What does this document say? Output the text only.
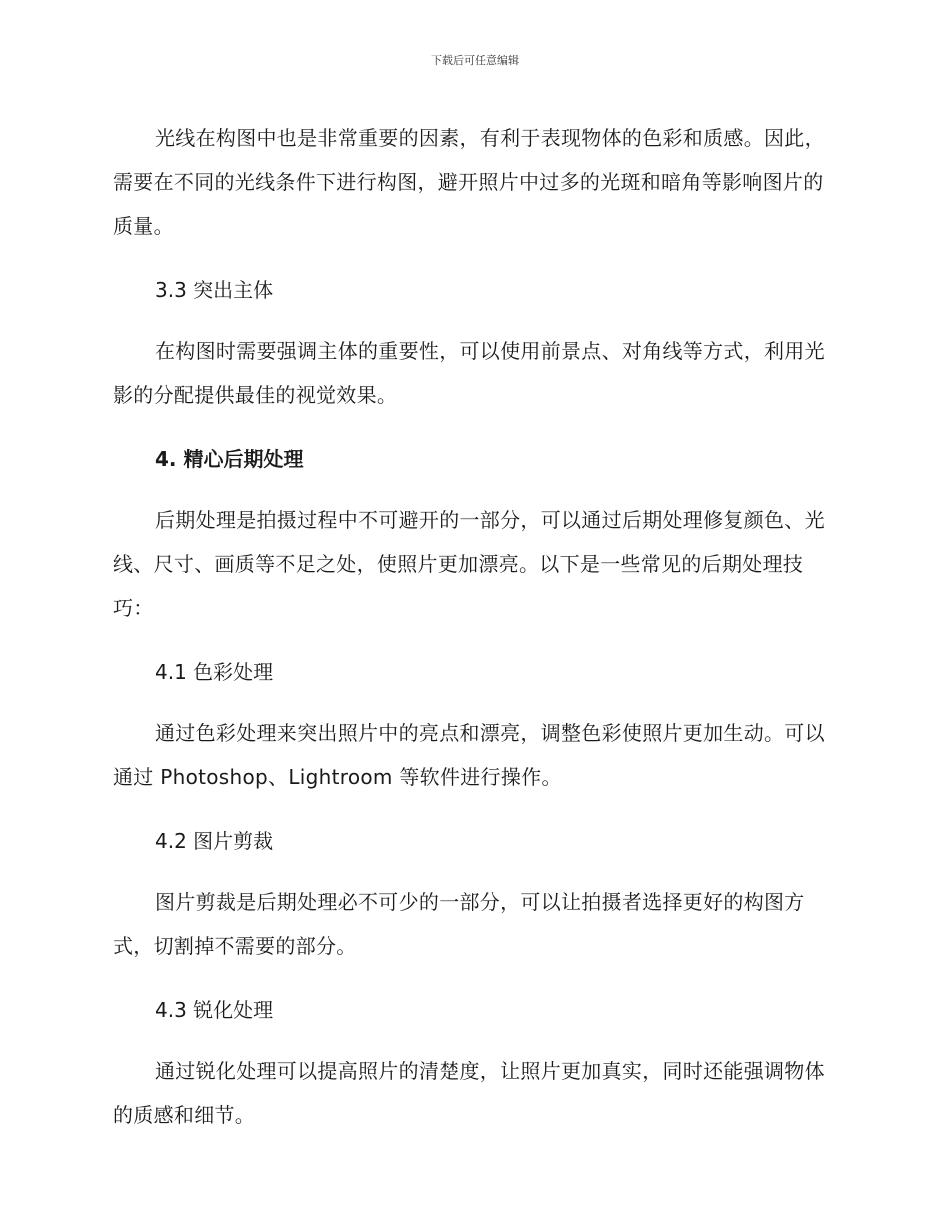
下载后可任意编辑

光线在构图中也是非常重要的因素，有利于表现物体的色彩和质感。因此，需要在不同的光线条件下进行构图，避开照片中过多的光斑和暗角等影响图片的质量。

3.3 突出主体

在构图时需要强调主体的重要性，可以使用前景点、对角线等方式，利用光影的分配提供最佳的视觉效果。

4. 精心后期处理

后期处理是拍摄过程中不可避开的一部分，可以通过后期处理修复颜色、光线、尺寸、画质等不足之处，使照片更加漂亮。以下是一些常见的后期处理技巧：

4.1 色彩处理

通过色彩处理来突出照片中的亮点和漂亮，调整色彩使照片更加生动。可以通过 Photoshop、Lightroom 等软件进行操作。

4.2 图片剪裁

图片剪裁是后期处理必不可少的一部分，可以让拍摄者选择更好的构图方式，切割掉不需要的部分。

4.3 锐化处理

通过锐化处理可以提高照片的清楚度，让照片更加真实，同时还能强调物体的质感和细节。
